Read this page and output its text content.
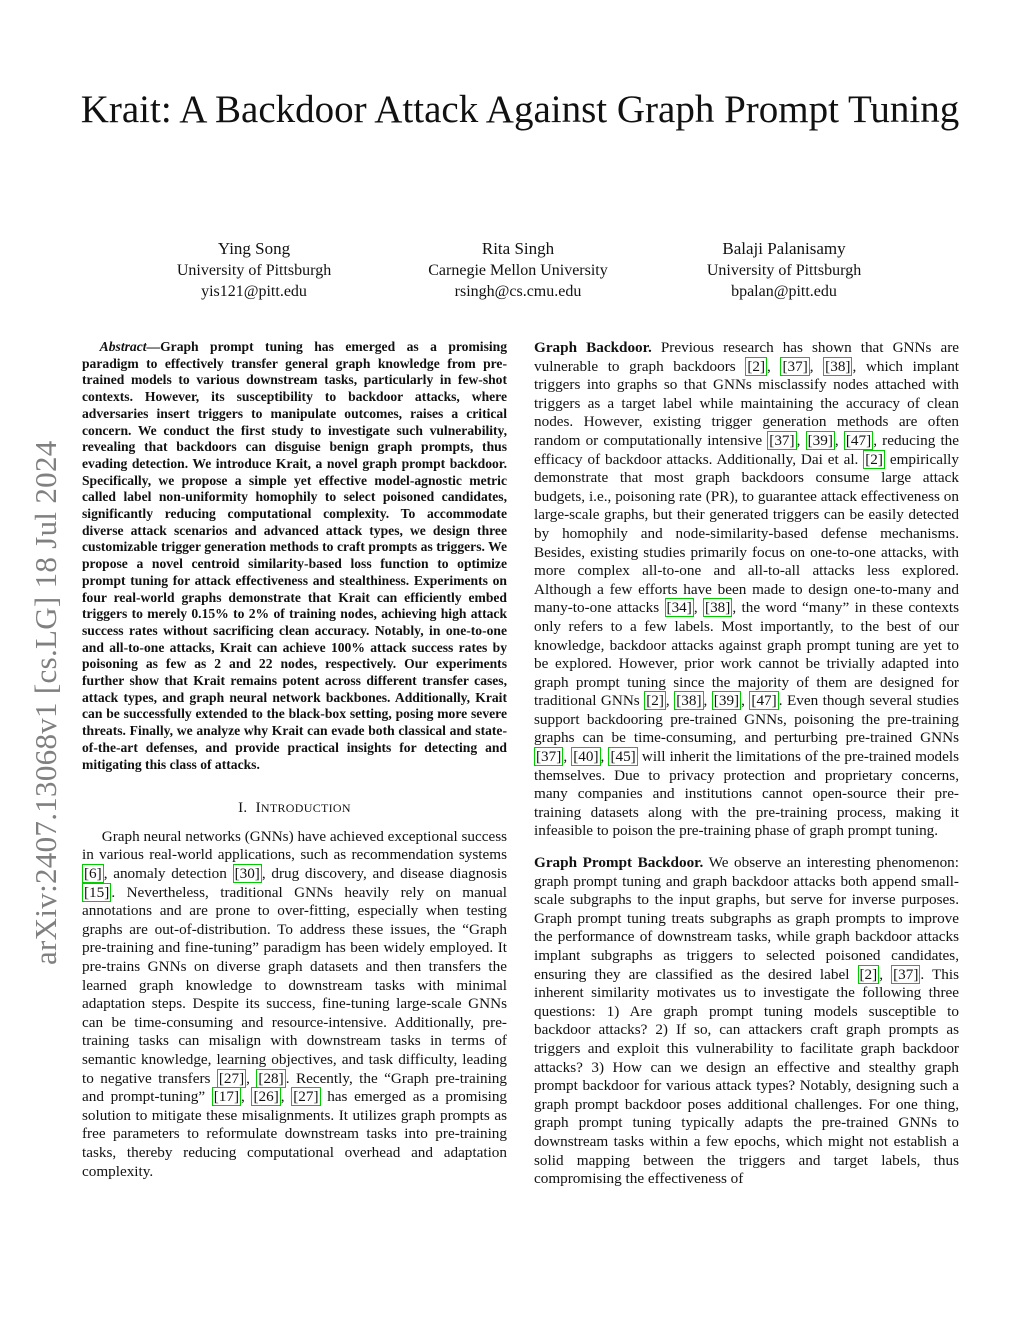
arXiv:2407.13068v1 [cs.LG] 18 Jul 2024
Krait: A Backdoor Attack Against Graph Prompt Tuning
Ying Song
University of Pittsburgh
yis121@pitt.edu
Rita Singh
Carnegie Mellon University
rsingh@cs.cmu.edu
Balaji Palanisamy
University of Pittsburgh
bpalan@pitt.edu

Abstract—Graph prompt tuning has emerged as a promising paradigm to effectively transfer general graph knowledge from pre-trained models to various downstream tasks, particularly in few-shot contexts. However, its susceptibility to backdoor attacks, where adversaries insert triggers to manipulate outcomes, raises a critical concern. We conduct the first study to investigate such vulnerability, revealing that backdoors can disguise benign graph prompts, thus evading detection. We introduce Krait, a novel graph prompt backdoor. Specifically, we propose a simple yet effective model-agnostic metric called label non-uniformity homophily to select poisoned candidates, significantly reducing computational complexity. To accommodate diverse attack scenarios and advanced attack types, we design three customizable trigger generation methods to craft prompts as triggers. We propose a novel centroid similarity-based loss function to optimize prompt tuning for attack effectiveness and stealthiness. Experiments on four real-world graphs demonstrate that Krait can efficiently embed triggers to merely 0.15% to 2% of training nodes, achieving high attack success rates without sacrificing clean accuracy. Notably, in one-to-one and all-to-one attacks, Krait can achieve 100% attack success rates by poisoning as few as 2 and 22 nodes, respectively. Our experiments further show that Krait remains potent across different transfer cases, attack types, and graph neural network backbones. Additionally, Krait can be successfully extended to the black-box setting, posing more severe threats. Finally, we analyze why Krait can evade both classical and state-of-the-art defenses, and provide practical insights for detecting and mitigating this class of attacks.

I. INTRODUCTION

Graph neural networks (GNNs) have achieved exceptional success in various real-world applications, such as recommendation systems [6] , anomaly detection [30] , drug discovery, and disease diagnosis [15] . Nevertheless, traditional GNNs heavily rely on manual annotations and are prone to over-fitting, especially when testing graphs are out-of-distribution. To address these issues, the “Graph pre-training and fine-tuning” paradigm has been widely employed. It pre-trains GNNs on diverse graph datasets and then transfers the learned graph knowledge to downstream tasks with minimal adaptation steps. Despite its success, fine-tuning large-scale GNNs can be time-consuming and resource-intensive. Additionally, pre-training tasks can misalign with downstream tasks in terms of semantic knowledge, learning objectives, and task difficulty, leading to negative transfers [27] , [28] . Recently, the “Graph pre-training and prompt-tuning” [17] , [26] , [27] has emerged as a promising solution to mitigate these misalignments. It utilizes graph prompts as free parameters to reformulate downstream tasks into pre-training tasks, thereby reducing computational overhead and adaptation complexity.

Graph Backdoor. Previous research has shown that GNNs are vulnerable to graph backdoors [2] , [37] , [38] , which implant triggers into graphs so that GNNs misclassify nodes attached with triggers as a target label while maintaining the accuracy of clean nodes. However, existing trigger generation methods are often random or computationally intensive [37] , [39] , [47] , reducing the efficacy of backdoor attacks. Additionally, Dai et al. [2] empirically demonstrate that most graph backdoors consume large attack budgets, i.e., poisoning rate (PR), to guarantee attack effectiveness on large-scale graphs, but their generated triggers can be easily detected by homophily and node-similarity-based defense mechanisms. Besides, existing studies primarily focus on one-to-one attacks, with more complex all-to-one and all-to-all attacks less explored. Although a few efforts have been made to design one-to-many and many-to-one attacks [34] , [38] , the word “many” in these contexts only refers to a few labels. Most importantly, to the best of our knowledge, backdoor attacks against graph prompt tuning are yet to be explored. However, prior work cannot be trivially adapted into graph prompt tuning since the majority of them are designed for traditional GNNs [2] , [38] , [39] , [47] . Even though several studies support backdooring pre-trained GNNs, poisoning the pre-training graphs can be time-consuming, and perturbing pre-trained GNNs [37] , [40] , [45] will inherit the limitations of the pre-trained models themselves. Due to privacy protection and proprietary concerns, many companies and institutions cannot open-source their pre-training datasets along with the pre-training process, making it infeasible to poison the pre-training phase of graph prompt tuning.

Graph Prompt Backdoor. We observe an interesting phenomenon: graph prompt tuning and graph backdoor attacks both append small-scale subgraphs to the input graphs, but serve for inverse purposes. Graph prompt tuning treats subgraphs as graph prompts to improve the performance of downstream tasks, while graph backdoor attacks implant subgraphs as triggers to selected poisoned candidates, ensuring they are classified as the desired label [2] , [37] . This inherent similarity motivates us to investigate the following three questions: 1) Are graph prompt tuning models susceptible to backdoor attacks? 2) If so, can attackers craft graph prompts as triggers and exploit this vulnerability to facilitate graph backdoor attacks? 3) How can we design an effective and stealthy graph prompt backdoor for various attack types? Notably, designing such a graph prompt backdoor poses additional challenges. For one thing, graph prompt tuning typically adapts the pre-trained GNNs to downstream tasks within a few epochs, which might not establish a solid mapping between the triggers and target labels, thus compromising the effectiveness of
